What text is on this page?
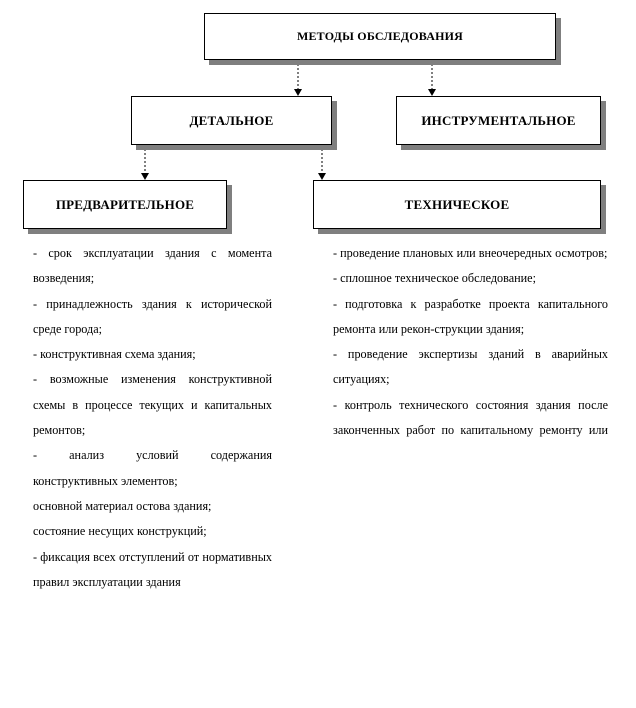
МЕТОДЫ ОБСЛЕДОВАНИЯ
ДЕТАЛЬНОЕ	ИНСТРУМЕНТАЛЬНОЕ
ПРЕДВАРИТЕЛЬНОЕ	ТЕХНИЧЕСКОЕ

- срок эксплуатации здания с момента возведения;

- принадлежность здания к исторической среде города;

- конструктивная схема здания;

- возможные изменения конструктивной схемы в процессе текущих и капитальных ремонтов;

- анализ условий содержания конструктивных элементов;

основной материал остова здания;

состояние несущих конструкций;

- фиксация всех отступлений от нормативных правил эксплуатации здания

- проведение плановых или внеочередных осмотров;

- сплошное техническое обследование;

- подготовка к разработке проекта капитального ремонта или рекон-струкции здания;

- проведение экспертизы зданий в аварийных ситуациях;

- контроль технического состояния здания после законченных работ по капитальному ремонту или
